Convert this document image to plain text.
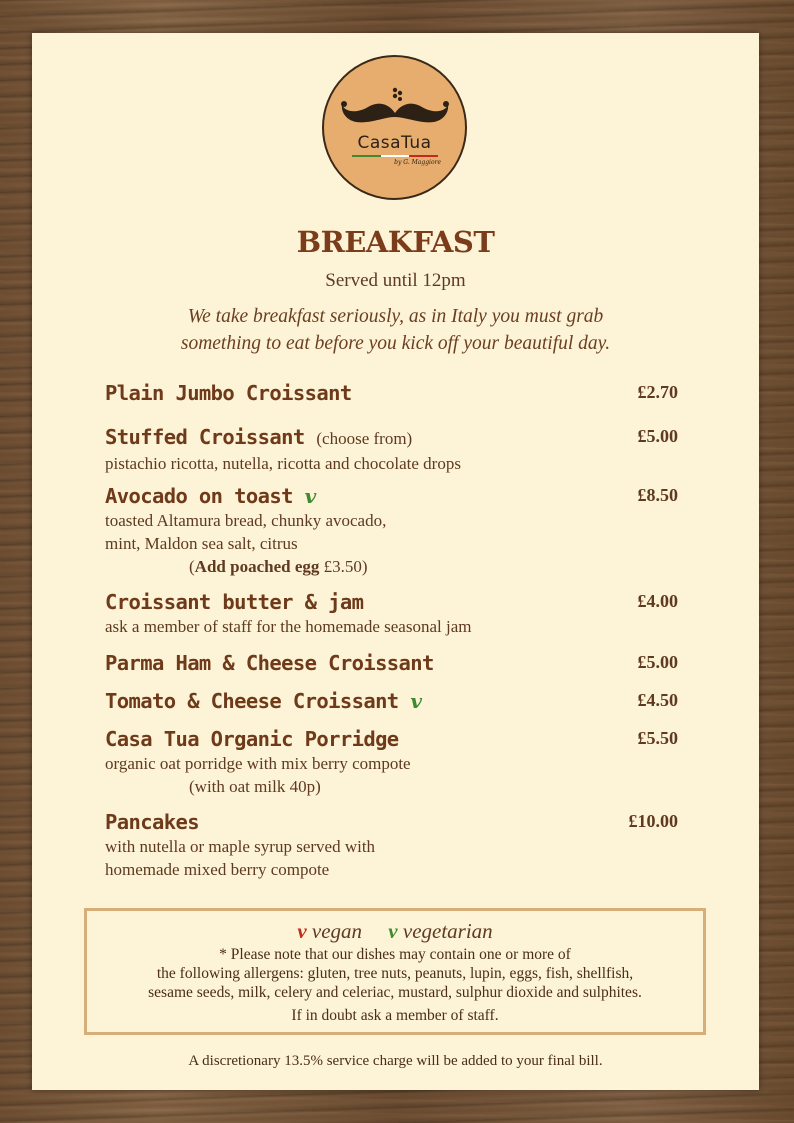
CasaTua
by G. Maggiore
BREAKFAST
Served until 12pm
We take breakfast seriously, as in Italy you must grab
something to eat before you kick off your beautiful day.
Plain Jumbo Croissant	£2.70
Stuffed Croissant (choose from)	£5.00
pistachio ricotta, nutella, ricotta and chocolate drops
Avocado on toast v	£8.50
toasted Altamura bread, chunky avocado,
mint, Maldon sea salt, citrus
(Add poached egg £3.50)
Croissant butter & jam	£4.00
ask a member of staff for the homemade seasonal jam
Parma Ham & Cheese Croissant	£5.00
Tomato & Cheese Croissant v	£4.50
Casa Tua Organic Porridge	£5.50
organic oat porridge with mix berry compote
(with oat milk 40p)
Pancakes	£10.00
with nutella or maple syrup served with
homemade mixed berry compote
v vegan v vegetarian

* Please note that our dishes may contain one or more of

the following allergens: gluten, tree nuts, peanuts, lupin, eggs, fish, shellfish,

sesame seeds, milk, celery and celeriac, mustard, sulphur dioxide and sulphites.

If in doubt ask a member of staff.

A discretionary 13.5% service charge will be added to your final bill.
